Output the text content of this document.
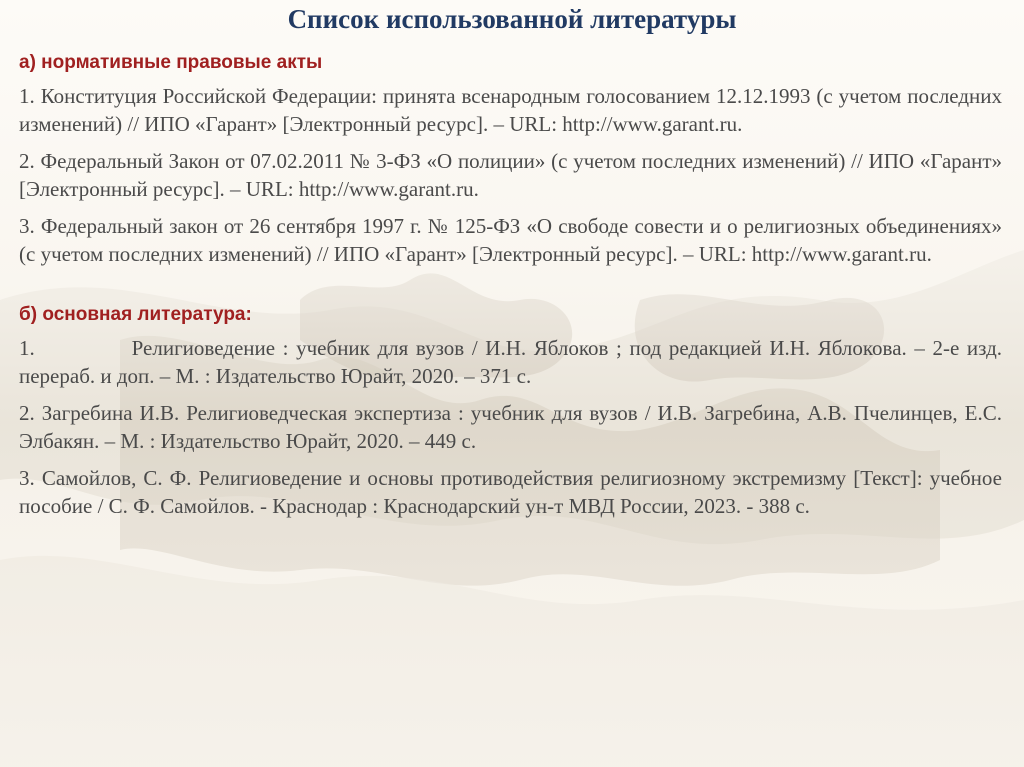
Список использованной литературы
а) нормативные правовые акты

1. Конституция Российской Федерации: принята всенародным голосованием 12.12.1993 (с учетом последних изменений) // ИПО «Гарант» [Электронный ресурс]. – URL: http://www.garant.ru.

2. Федеральный Закон от 07.02.2011 № 3-ФЗ «О полиции» (с учетом последних изменений) // ИПО «Гарант» [Электронный ресурс]. – URL: http://www.garant.ru.

3. Федеральный закон от 26 сентября 1997 г. № 125-ФЗ «О свободе совести и о религиозных объединениях» (с учетом последних изменений) // ИПО «Гарант» [Электронный ресурс]. – URL: http://www.garant.ru.

б) основная литература:

1.	Религиоведение : учебник для вузов / И.Н. Яблоков ; под редакцией И.Н. Яблокова. – 2-е изд. перераб. и доп. – М. : Издательство Юрайт, 2020. – 371 с.

2. Загребина И.В. Религиоведческая экспертиза : учебник для вузов / И.В. Загребина, А.В. Пчелинцев, Е.С. Элбакян. – М. : Издательство Юрайт, 2020. – 449 с.

3. Самойлов, С. Ф. Религиоведение и основы противодействия религиозному экстремизму [Текст]: учебное пособие / С. Ф. Самойлов. - Краснодар : Краснодарский ун-т МВД России, 2023. - 388 с.
